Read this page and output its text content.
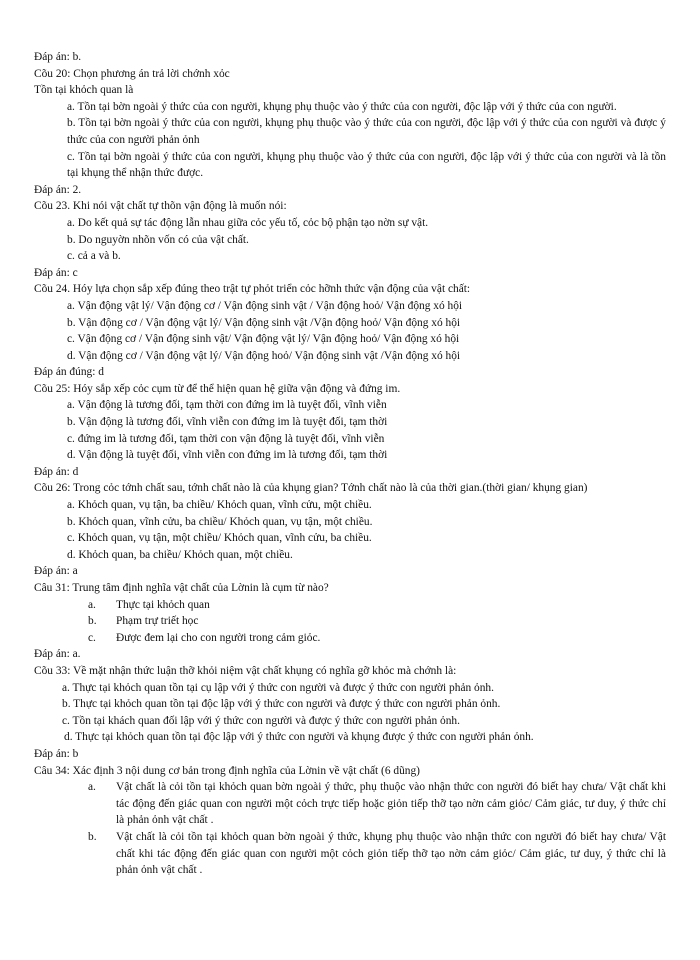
Đáp án: b.
Cõu 20: Chọn phương án trả lời chớnh xỏc
Tồn tại khỏch quan là
a. Tồn tại bờn ngoài ý thức của con người, khụng phụ thuộc vào ý thức của con người, độc lập với ý thức của con người.
b. Tồn tại bờn ngoài ý thức của con người, khụng phụ thuộc vào ý thức của con người, độc lập với ý thức của con người và được ý thức của con người phản ỏnh
c. Tồn tại bờn ngoài ý thức của con người, khụng phụ thuộc vào ý thức của con người, độc lập với ý thức của con người và là tồn tại khụng thể nhận thức được.
Đáp án: 2.
Cõu 23. Khi nói vật chất tự thõn vận động là muốn nói:
a. Do kết quả sự tác động lẫn nhau giữa cỏc yếu tố, cỏc bộ phận tạo nờn sự vật.
b. Do nguyờn nhõn vốn có của vật chất.
c. cả a và b.
Đáp án: c
Cõu 24. Hóy lựa chọn sắp xếp đúng theo trật tự phỏt triển cỏc hỡnh thức vận động của vật chất:
a. Vận động vật lý/ Vận động cơ / Vận động sinh vật / Vận động hoỏ/ Vận động xó hội
b. Vận động cơ / Vận động vật lý/ Vận động sinh vật /Vận động hoỏ/ Vận động xó hội
c. Vận động cơ / Vận động sinh vật/ Vận động vật lý/ Vận động hoỏ/ Vận động xó hội
d. Vận động cơ / Vận động vật lý/ Vận động hoỏ/ Vận động sinh vật /Vận động xó hội
Đáp án đúng: d
Cõu 25: Hóy sắp xếp cỏc cụm từ để thể hiện quan hệ giữa vận động và đứng im.
a. Vận động là tương đối, tạm thời con đứng im là tuyệt đối, vĩnh viễn
b. Vận động là tương đối, vĩnh viễn con đứng im là tuyệt đối, tạm thời
c. đứng im là tương đối, tạm thời con vận động là tuyệt đối, vĩnh viễn
d. Vận động là tuyệt đối, vĩnh viễn con đứng im là tương đối, tạm thời
Đáp án: d
Cõu 26: Trong cỏc tớnh chất sau, tớnh chất nào là của khụng gian? Tớnh chất nào là của thời gian.(thời gian/ khụng gian)
a. Khỏch quan, vụ tận, ba chiều/ Khỏch quan, vĩnh cửu, một chiều.
b. Khỏch quan, vĩnh cửu, ba chiều/ Khỏch quan, vụ tận, một chiều.
c. Khỏch quan, vụ tận, một chiều/ Khỏch quan, vĩnh cửu, ba chiều.
d. Khỏch quan, ba chiều/ Khỏch quan, một chiều.
Đáp án: a
Câu 31: Trung tâm định nghĩa vật chất của Lờnin là cụm từ nào?
a.	Thực tại khỏch quan
b.	Phạm trự triết học
c.	Được đem lại cho con người trong cảm giỏc.
Đáp án: a.
Cõu 33: Về mặt nhận thức luận thỡ khỏi niệm vật chất khụng có nghĩa gỡ khỏc mà chớnh là:
a. Thực tại khỏch quan tồn tại cụ lập với ý thức con người và được ý thức con người phản ỏnh.
b. Thực tại khỏch quan tồn tại độc lập với ý thức con người và được ý thức con người phản ỏnh.
c. Tồn tại khách quan đối lập với ý thức con người và được ý thức con người phản ỏnh.
d. Thực tại khỏch quan tồn tại độc lập với ý thức con người và khụng được ý thức con người phản ỏnh.
Đáp án: b
Câu 34: Xác định 3 nội dung cơ bản trong định nghĩa của Lờnin về vật chất (6 dũng)
a.	Vật chất là cỏi tồn tại khỏch quan bờn ngoài ý thức, phụ thuộc vào nhận thức con người đó biết hay chưa/ Vật chất khi tác động đến giác quan con người một cỏch trực tiếp hoặc giỏn tiếp thỡ tạo nờn cảm giỏc/ Cảm giác, tư duy, ý thức chỉ là phản ỏnh vật chất .
b.	Vật chất là cỏi tồn tại khỏch quan bờn ngoài ý thức, khụng phụ thuộc vào nhận thức con người đó biết hay chưa/ Vật chất khi tác động đến giác quan con người một cỏch giỏn tiếp thỡ tạo nờn cảm giỏc/ Cảm giác, tư duy, ý thức chỉ là phản ỏnh vật chất .
